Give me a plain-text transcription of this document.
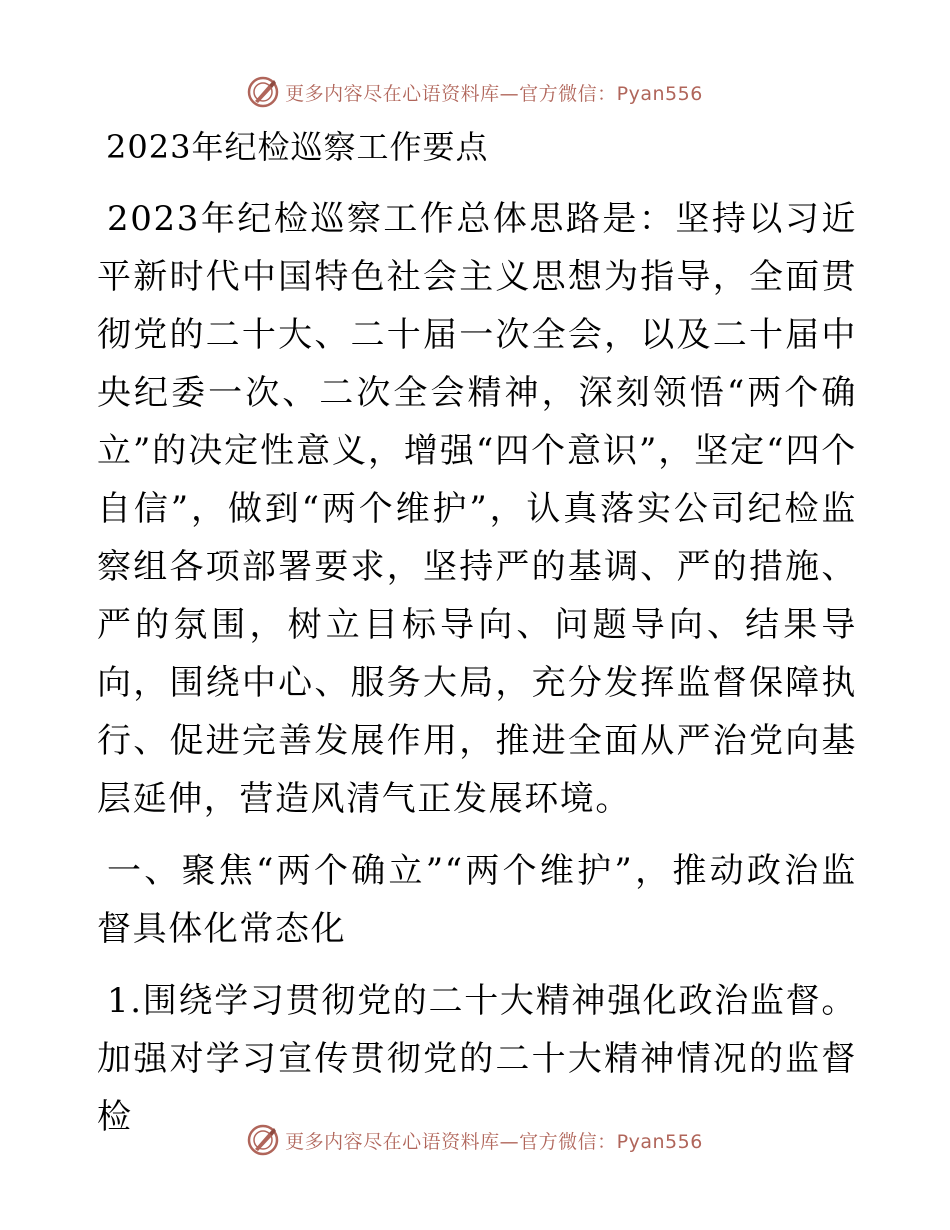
更多内容尽在心语资料库—官方微信：Pyan556
2023年纪检巡察工作要点

2023年纪检巡察工作总体思路是：坚持以习近平新时代中国特色社会主义思想为指导，全面贯彻党的二十大、二十届一次全会，以及二十届中央纪委一次、二次全会精神，深刻领悟“两个确立”的决定性意义，增强“四个意识”，坚定“四个自信”，做到“两个维护”，认真落实公司纪检监察组各项部署要求，坚持严的基调、严的措施、严的氛围，树立目标导向、问题导向、结果导向，围绕中心、服务大局，充分发挥监督保障执行、促进完善发展作用，推进全面从严治党向基层延伸，营造风清气正发展环境。

一、聚焦“两个确立”“两个维护”，推动政治监督具体化常态化

1.围绕学习贯彻党的二十大精神强化政治监督。加强对学习宣传贯彻党的二十大精神情况的监督检

更多内容尽在心语资料库—官方微信：Pyan556
